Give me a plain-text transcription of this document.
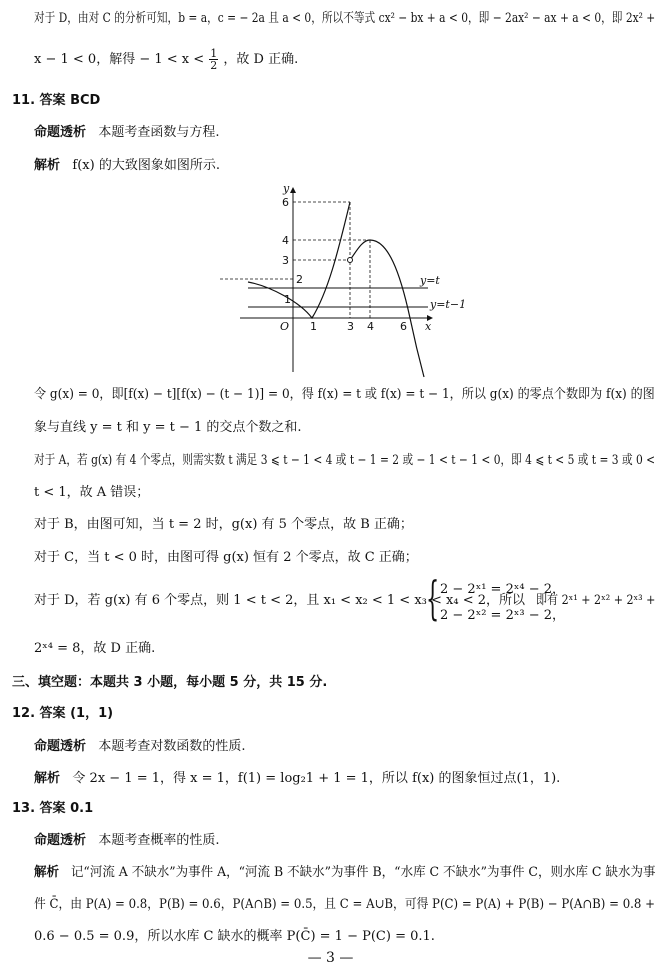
对于 D，由对 C 的分析可知，b = a，c = − 2a 且 a < 0，所以不等式 cx² − bx + a < 0，即 − 2ax² − ax + a < 0，即 2x² +
x − 1 < 0，解得 − $1 < x < \frac{1}{2}$ ，故 D 正确.
11. 答案 BCD
命题透析 本题考查函数与方程.
解析 f(x) 的大致图象如图所示.
y
x
O
y=t
y=t−1
6
4
3
2
1
1	3 4 6
令 g(x) = 0，即[f(x) − t][f(x) − (t − 1)] = 0，得 f(x) = t 或 f(x) = t − 1，所以 g(x) 的零点个数即为 f(x) 的图
象与直线 y = t 和 y = t − 1 的交点个数之和.
对于 A，若 g(x) 有 4 个零点，则需实数 t 满足 3 ⩽ t − 1 < 4 或 t − 1 = 2 或 − 1 < t − 1 < 0，即 4 ⩽ t < 5 或 t = 3 或 0 <
t < 1，故 A 错误；
对于 B，由图可知，当 t = 2 时，g(x) 有 5 个零点，故 B 正确；
对于 C，当 t < 0 时，由图可得 g(x) 恒有 2 个零点，故 C 正确；
对于 D，若 g(x) 有 6 个零点，则 1 < t < 2，且 x₁ < x₂ < 1 < x₃ < x₄ < 2，所以
{ 2 − 2ˣ¹ = 2ˣ⁴ − 2，
2 − 2ˣ² = 2ˣ³ − 2，
即有 2ˣ¹ + 2ˣ² + 2ˣ³ +
2ˣ⁴ = 8，故 D 正确.
三、填空题：本题共 3 小题，每小题 5 分，共 15 分.
12. 答案 (1，1)
命题透析 本题考查对数函数的性质.
解析 令 2x − 1 = 1，得 x = 1，f(1) = log₂1 + 1 = 1，所以 f(x) 的图象恒过点(1，1).
13. 答案 0.1
命题透析 本题考查概率的性质.
解析 记“河流 A 不缺水”为事件 A，“河流 B 不缺水”为事件 B，“水库 C 不缺水”为事件 C，则水库 C 缺水为事
件 C̄，由 P(A) = 0.8，P(B) = 0.6，P(A∩B) = 0.5，且 C = A∪B，可得 P(C) = P(A) + P(B) − P(A∩B) = 0.8 +
0.6 − 0.5 = 0.9，所以水库 C 缺水的概率 P(C̄) = 1 − P(C) = 0.1.
— 3 —
